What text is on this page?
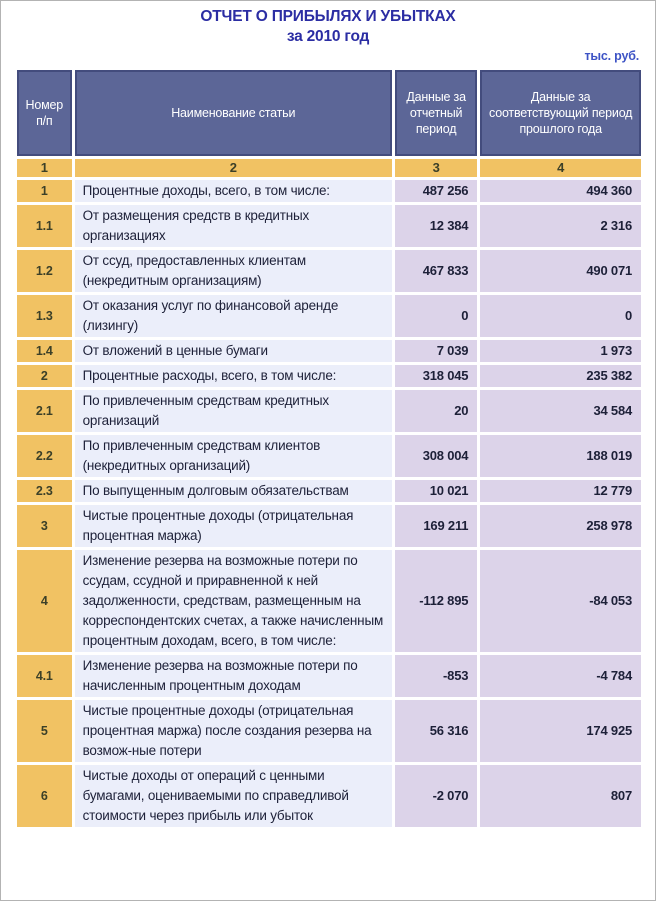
ОТЧЕТ О ПРИБЫЛЯХ И УБЫТКАХ
за 2010 год
тыс. руб.
Номер п/п	Наименование статьи	Данные за отчетный период	Данные за соответствующий период прошлого года
1	2	3	4
1	Процентные доходы, всего, в том числе:	487 256	494 360
1.1	От размещения средств в кредитных организациях	12 384	2 316
1.2	От ссуд, предоставленных клиентам (некредитным организациям)	467 833	490 071
1.3	От оказания услуг по финансовой аренде (лизингу)	0	0
1.4	От вложений в ценные бумаги	7 039	1 973
2	Процентные расходы, всего, в том числе:	318 045	235 382
2.1	По привлеченным средствам кредитных организаций	20	34 584
2.2	По привлеченным средствам клиентов (некредитных организаций)	308 004	188 019
2.3	По выпущенным долговым обязательствам	10 021	12 779
3	Чистые процентные доходы (отрицательная процентная маржа)	169 211	258 978
4	Изменение резерва на возможные потери по ссудам, ссудной и приравненной к ней задолженности, средствам, размещенным на корреспондентских счетах, а также начисленным процентным доходам, всего, в том числе:	-112 895	-84 053
4.1	Изменение резерва на возможные потери по начисленным процентным доходам	-853	-4 784
5	Чистые процентные доходы (отрицательная процентная маржа) после создания резерва на возмож-ные потери	56 316	174 925
6	Чистые доходы от операций с ценными бумагами, оцениваемыми по справедливой стоимости через прибыль или убыток	-2 070	807
